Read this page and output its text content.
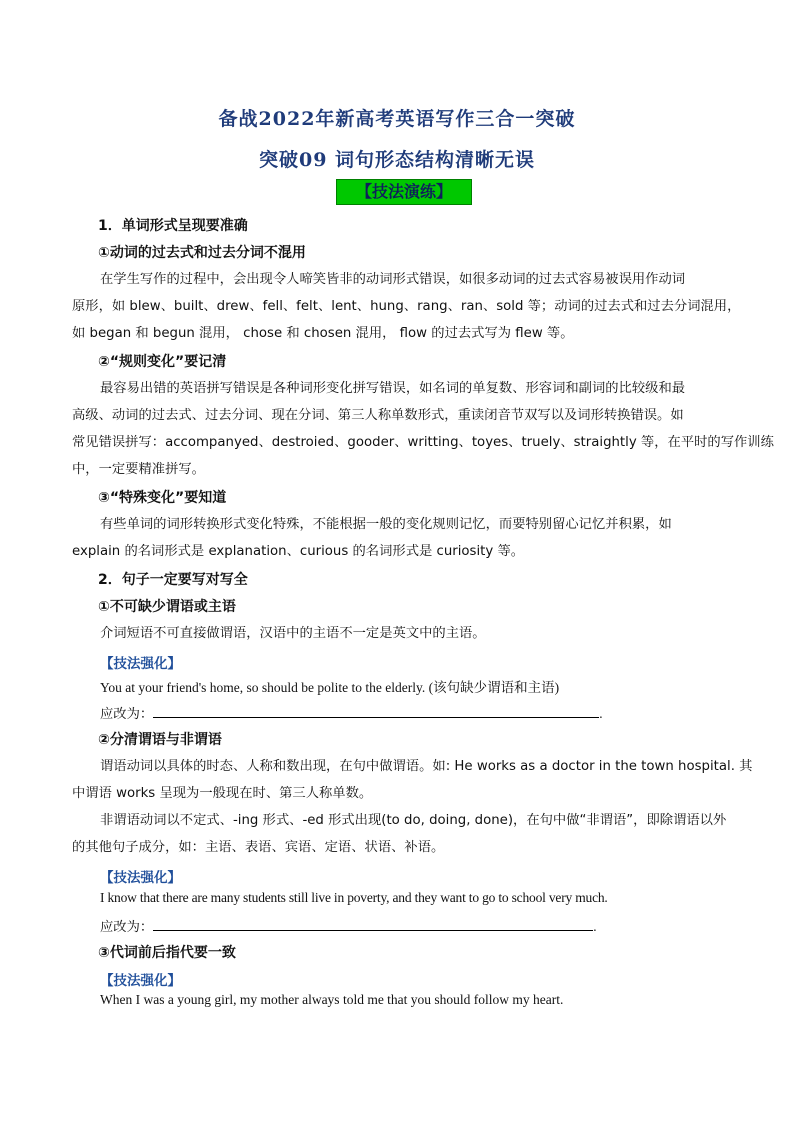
备战2022年新高考英语写作三合一突破
突破09 词句形态结构清晰无误
【技法演练】
1．单词形式呈现要准确
①动词的过去式和过去分词不混用
在学生写作的过程中，会出现令人啼笑皆非的动词形式错误，如很多动词的过去式容易被误用作动词
原形，如 blew、built、drew、fell、felt、lent、hung、rang、ran、sold 等；动词的过去式和过去分词混用，
如 began 和 begun 混用， chose 和 chosen 混用， flow 的过去式写为 flew 等。
②“规则变化”要记清
最容易出错的英语拼写错误是各种词形变化拼写错误，如名词的单复数、形容词和副词的比较级和最
高级、动词的过去式、过去分词、现在分词、第三人称单数形式，重读闭音节双写以及词形转换错误。如
常见错误拼写：accompanyed、destroied、gooder、writting、toyes、truely、straightly 等，在平时的写作训练
中，一定要精准拼写。
③“特殊变化”要知道
有些单词的词形转换形式变化特殊，不能根据一般的变化规则记忆，而要特别留心记忆并积累，如
explain 的名词形式是 explanation、curious 的名词形式是 curiosity 等。
2．句子一定要写对写全
①不可缺少谓语或主语
介词短语不可直接做谓语，汉语中的主语不一定是英文中的主语。
【技法强化】
You at your friend's home, so should be polite to the elderly. (该句缺少谓语和主语)
应改为：	.
②分清谓语与非谓语
谓语动词以具体的时态、人称和数出现，在句中做谓语。如: He works as a doctor in the town hospital. 其
中谓语 works 呈现为一般现在时、第三人称单数。
非谓语动词以不定式、-ing 形式、-ed 形式出现(to do, doing, done)，在句中做“非谓语”，即除谓语以外
的其他句子成分，如：主语、表语、宾语、定语、状语、补语。
【技法强化】
I know that there are many students still live in poverty, and they want to go to school very much.
应改为：	.
③代词前后指代要一致
【技法强化】
When I was a young girl, my mother always told me that you should follow my heart.
